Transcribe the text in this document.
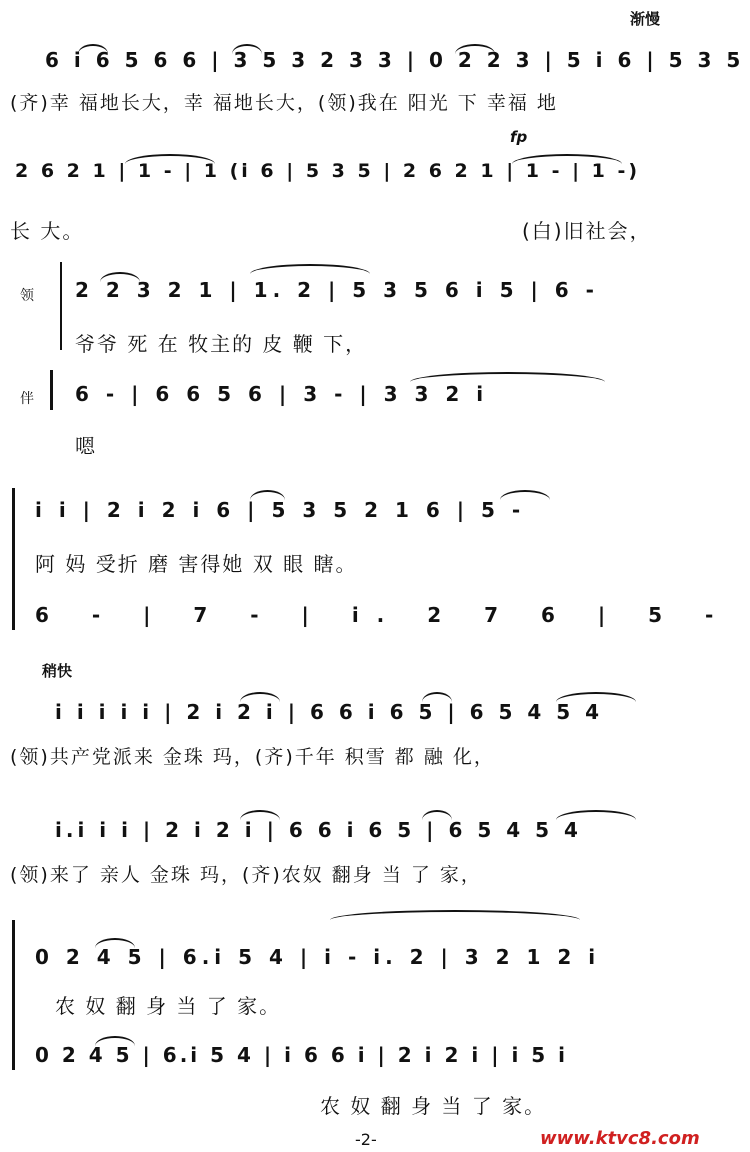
渐慢
6 i 6 5 6 6 | 3 5 3 2 3 3 | 0 2 2 3 | 5 i 6 | 5 3 5
(齐)幸 福地长大，幸 福地长大，(领)我在 阳光 下 幸福 地
fp
2 6 2 1 | 1 - | 1 (i 6 | 5 3 5 | 2 6 2 1 | 1 - | 1 -)
长 大。	(白)旧社会，
领 2 2 3 2 1 | 1. 2 | 5 3 5 6 i 5 | 6 -
爷爷 死 在 牧主的 皮 鞭 下，
伴 6 - | 6 6 5 6 | 3 - | 3 3 2 i
嗯
i i | 2 i 2 i 6 | 5 3 5 2 1 6 | 5 -
阿 妈 受折 磨 害得她 双 眼 瞎。
6 - | 7 - | i. 2 7 6 | 5 -
稍快
i i i i i | 2 i 2 i | 6 6 i 6 5 | 6 5 4 5 4
(领)共产党派来 金珠 玛，(齐)千年 积雪 都 融 化，
i.i i i | 2 i 2 i | 6 6 i 6 5 | 6 5 4 5 4
(领)来了 亲人 金珠 玛，(齐)农奴 翻身 当 了 家，
0 2 4 5 | 6.i 5 4 | i - i. 2 | 3 2 1 2 i
农 奴 翻 身 当 了 家。
0 2 4 5 | 6.i 5 4 | i 6 6 i | 2 i 2 i | i 5 i
农 奴 翻 身 当 了 家。
-2-	www.ktvc8.com
